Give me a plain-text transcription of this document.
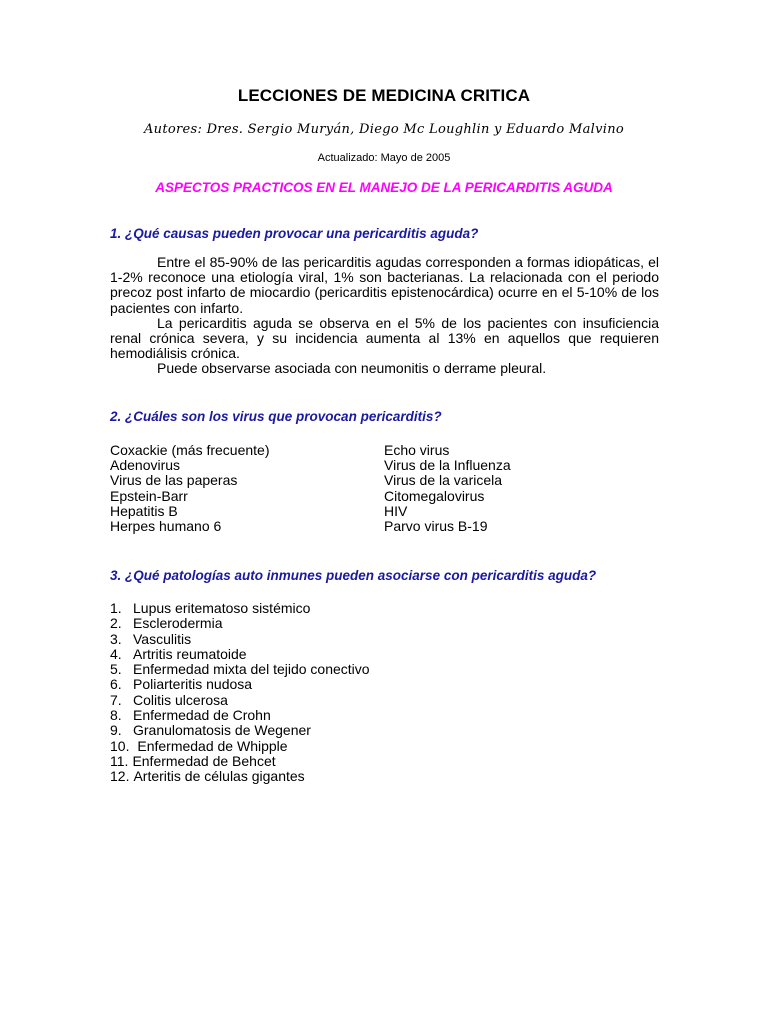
LECCIONES DE MEDICINA CRITICA
Autores: Dres. Sergio Muryán, Diego Mc Loughlin y Eduardo Malvino
Actualizado: Mayo de 2005
ASPECTOS PRACTICOS EN EL MANEJO DE LA PERICARDITIS AGUDA
1. ¿Qué causas pueden provocar una pericarditis aguda?

Entre el 85-90% de las pericarditis agudas corresponden a formas idiopáticas, el 1-2% reconoce una etiología viral, 1% son bacterianas. La relacionada con el periodo precoz post infarto de miocardio (pericarditis epistenocárdica) ocurre en el 5-10% de los pacientes con infarto.

La pericarditis aguda se observa en el 5% de los pacientes con insuficiencia renal crónica severa, y su incidencia aumenta al 13% en aquellos que requieren hemodiálisis crónica.

Puede observarse asociada con neumonitis o derrame pleural.

2. ¿Cuáles son los virus que provocan pericarditis?
Coxackie (más frecuente)	Echo virus
Adenovirus	Virus de la Influenza
Virus de las paperas	Virus de la varicela
Epstein-Barr	Citomegalovirus
Hepatitis B	HIV
Herpes humano 6	Parvo virus B-19
3. ¿Qué patologías auto inmunes pueden asociarse con pericarditis aguda?
1. Lupus eritematoso sistémico
2. Esclerodermia
3. Vasculitis
4. Artritis reumatoide
5. Enfermedad mixta del tejido conectivo
6. Poliarteritis nudosa
7. Colitis ulcerosa
8. Enfermedad de Crohn
9. Granulomatosis de Wegener
10. Enfermedad de Whipple
11. Enfermedad de Behcet
12. Arteritis de células gigantes
